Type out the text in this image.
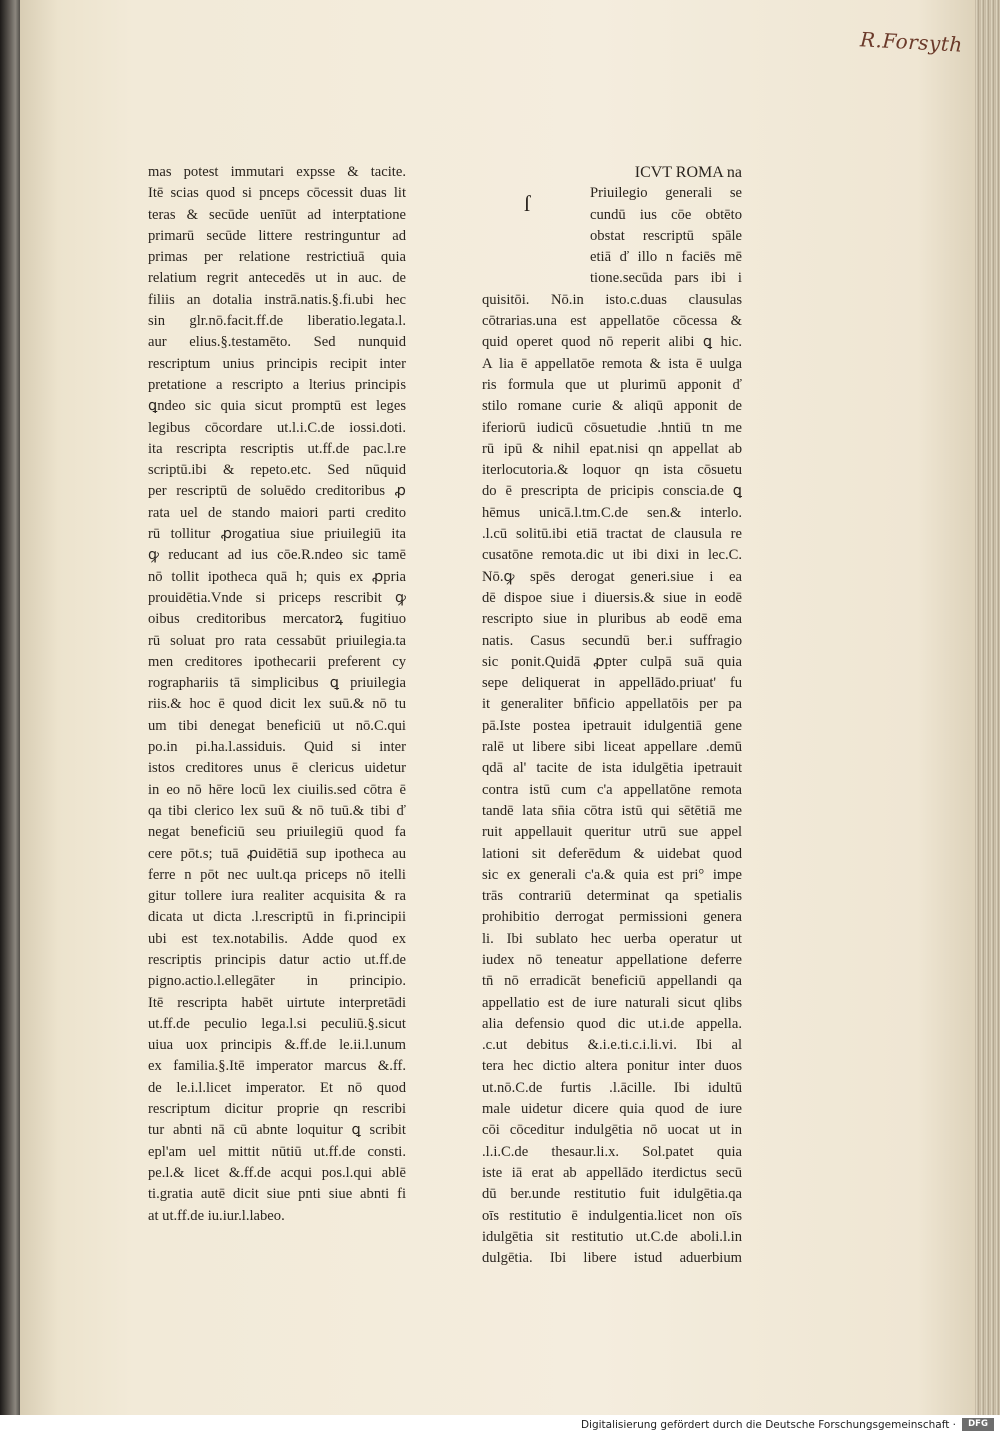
R.Forsyth
mas potest immutari expsse & tacite.
Itē scias quod si pnceps cōcessit duas lit
teras & secūde uenīūt ad interptatione
primarū secūde littere restringuntur ad
primas per relatione restrictiuā quia
relatium regrit antecedēs ut in auc. de
filiis an dotalia instrā.natis.§.fi.ubi hec
sin glr.nō.facit.ff.de liberatio.legata.l.
aur elius.§.testamēto. Sed nunquid
rescriptum unius principis recipit inter
pretatione a rescripto a lterius principis
ꝗndeo sic quia sicut promptū est leges
legibus cōcordare ut.l.i.C.de iossi.doti.
ita rescripta rescriptis ut.ff.de pac.l.re
scriptū.ibi & repeto.etc. Sed nūquid
per rescriptū de soluēdo creditoribus ꝓ
rata uel de stando maiori parti credito
rū tollitur ꝓrogatiua siue priuilegiū ita
ꝙ reducant ad ius cōe.R.ndeo sic tamē
nō tollit ipotheca quā h; quis ex ꝓpria
prouidētia.Vnde si priceps rescribit ꝙ
oibus creditoribus mercatorꝝ fugitiuo
rū soluat pro rata cessabūt priuilegia.ta
men creditores ipothecarii preferent cy
rographariis tā simplicibus ꝗ priuilegia
riis.& hoc ē quod dicit lex suū.& nō tu
um tibi denegat beneficiū ut nō.C.qui
po.in pi.ha.l.assiduis. Quid si inter
istos creditores unus ē clericus uidetur
in eo nō hēre locū lex ciuilis.sed cōtra ē
qa tibi clerico lex suū & nō tuū.& tibi ď
negat beneficiū seu priuilegiū quod fa
cere pōt.s; tuā ꝓuidētiā sup ipotheca au
ferre n pōt nec uult.qa priceps nō itelli
gitur tollere iura realiter acquisita & ra
dicata ut dicta .l.rescriptū in fi.principii
ubi est tex.notabilis. Adde quod ex
rescriptis principis datur actio ut.ff.de
pigno.actio.l.ellegāter in principio.
Itē rescripta habēt uirtute interpretādi
ut.ff.de peculio lega.l.si peculiū.§.sicut
uiua uox principis &.ff.de le.ii.l.unum
ex familia.§.Itē imperator marcus &.ff.
de le.i.l.licet imperator. Et nō quod
rescriptum dicitur proprie qn rescribi
tur abnti nā cū abnte loquitur ꝗ scribit
epl'am uel mittit nūtiū ut.ff.de consti.
pe.l.& licet &.ff.de acqui pos.l.qui ablē
ti.gratia autē dicit siue pnti siue abnti fi
at ut.ff.de iu.iur.l.labeo.
ICVT ROMA na
ſ	Priuilegio generali se
cundū ius cōe obtēto
obstat rescriptū spāle
etiā ď illo n faciēs mē
tione.secūda pars ibi i
quisitōi. Nō.in isto.c.duas clausulas
cōtrarias.una est appellatōe cōcessa &
quid operet quod nō reperit alibi ꝗ hic.
A lia ē appellatōe remota & ista ē uulga
ris formula que ut plurimū apponit ď
stilo romane curie & aliqū apponit de
iferiorū iudicū cōsuetudie .hntiū tn me
rū ipū & nihil epat.nisi qn appellat ab
iterlocutoria.& loquor qn ista cōsuetu
do ē prescripta de pricipis conscia.de ꝗ
hēmus unicā.l.tm.C.de sen.& interlo.
.l.cū solitū.ibi etiā tractat de clausula re
cusatōne remota.dic ut ibi dixi in lec.C.
Nō.ꝙ spēs derogat generi.siue i ea
dē dispoe siue i diuersis.& siue in eodē
rescripto siue in pluribus ab eodē ema
natis. Casus secundū ber.i suffragio
sic ponit.Quidā ꝓpter culpā suā quia
sepe deliquerat in appellādo.priuat' fu
it generaliter bn̄ficio appellatōis per pa
pā.Iste postea ipetrauit idulgentiā gene
ralē ut libere sibi liceat appellare .demū
qdā al' tacite de ista idulgētia ipetrauit
contra istū cum c'a appellatōne remota
tandē lata sn̄ia cōtra istū qui sētētiā me
ruit appellauit queritur utrū sue appel
lationi sit deferēdum & uidebat quod
sic ex generali c'a.& quia est pri° impe
trās contrariū determinat qa spetialis
prohibitio derrogat permissioni genera
li. Ibi sublato hec uerba operatur ut
iudex nō teneatur appellatione deferre
tn̄ nō erradicāt beneficiū appellandi qa
appellatio est de iure naturali sicut qlibs
alia defensio quod dic ut.i.de appella.
.c.ut debitus &.i.e.ti.c.i.li.vi. Ibi al
tera hec dictio altera ponitur inter duos
ut.nō.C.de furtis .l.ācille. Ibi idultū
male uidetur dicere quia quod de iure
cōi cōceditur indulgētia nō uocat ut in
.l.i.C.de thesaur.li.x. Sol.patet quia
iste iā erat ab appellādo iterdictus secū
dū ber.unde restitutio fuit idulgētia.qa
oīs restitutio ē indulgentia.licet non oīs
idulgētia sit restitutio ut.C.de aboli.l.in
dulgētia. Ibi libere istud aduerbium
Digitalisierung gefördert durch die Deutsche Forschungsgemeinschaft ·	DFG
